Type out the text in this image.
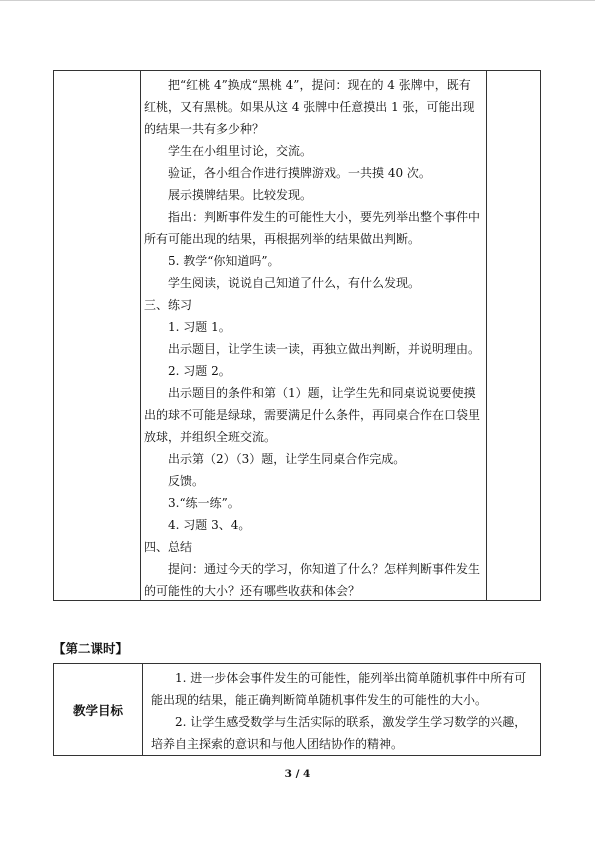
把“红桃 4”换成“黑桃 4”，提问：现在的 4 张牌中，既有红桃，又有黑桃。如果从这 4 张牌中任意摸出 1 张，可能出现的结果一共有多少种？

学生在小组里讨论，交流。

验证，各小组合作进行摸牌游戏。一共摸 40 次。

展示摸牌结果。比较发现。

指出：判断事件发生的可能性大小，要先列举出整个事件中所有可能出现的结果，再根据列举的结果做出判断。

5. 教学“你知道吗”。

学生阅读，说说自己知道了什么，有什么发现。

三、练习

1. 习题 1。

出示题目，让学生读一读，再独立做出判断，并说明理由。

2. 习题 2。

出示题目的条件和第（1）题，让学生先和同桌说说要使摸出的球不可能是绿球，需要满足什么条件，再同桌合作在口袋里放球，并组织全班交流。

出示第（2）（3）题，让学生同桌合作完成。

反馈。

3.“练一练”。

4. 习题 3、4。

四、总结

提问：通过今天的学习，你知道了什么？怎样判断事件发生的可能性的大小？还有哪些收获和体会？

【第二课时】
教学目标

1. 进一步体会事件发生的可能性，能列举出简单随机事件中所有可能出现的结果，能正确判断简单随机事件发生的可能性的大小。

2. 让学生感受数学与生活实际的联系，激发学生学习数学的兴趣，培养自主探索的意识和与他人团结协作的精神。

3 / 4
